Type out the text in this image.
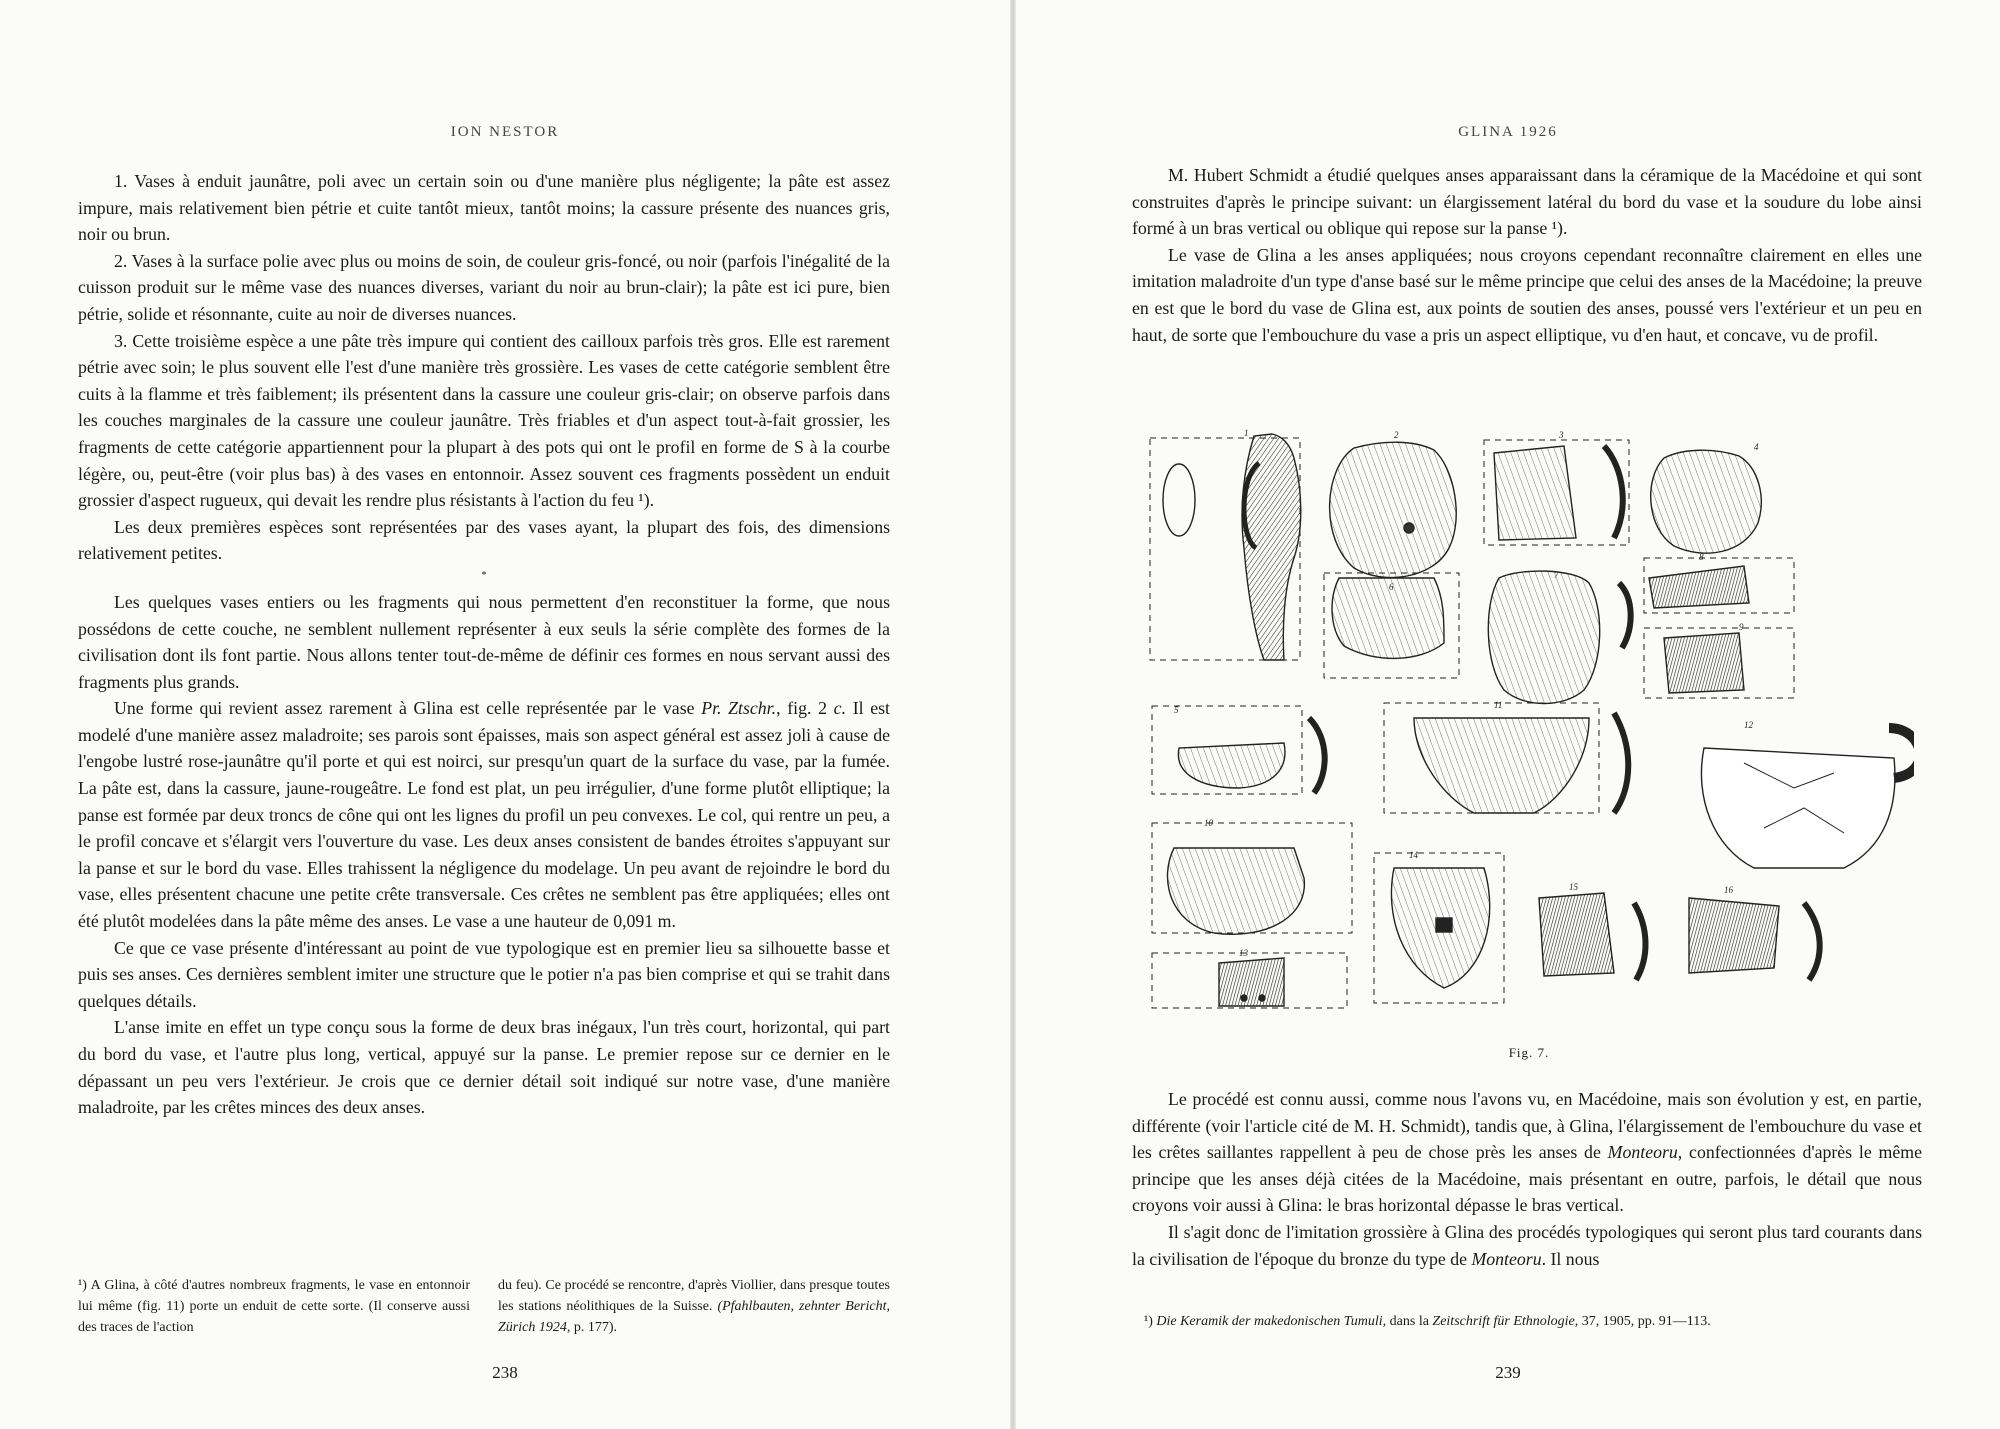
ION NESTOR

1. Vases à enduit jaunâtre, poli avec un certain soin ou d'une manière plus négligente; la pâte est assez impure, mais relativement bien pétrie et cuite tantôt mieux, tantôt moins; la cassure présente des nuances gris, noir ou brun.

2. Vases à la surface polie avec plus ou moins de soin, de couleur gris-foncé, ou noir (parfois l'inégalité de la cuisson produit sur le même vase des nuances diverses, variant du noir au brun-clair); la pâte est ici pure, bien pétrie, solide et résonnante, cuite au noir de diverses nuances.

3. Cette troisième espèce a une pâte très impure qui contient des cailloux parfois très gros. Elle est rarement pétrie avec soin; le plus souvent elle l'est d'une manière très grossière. Les vases de cette catégorie semblent être cuits à la flamme et très faiblement; ils présentent dans la cassure une couleur gris-clair; on observe parfois dans les couches marginales de la cassure une couleur jaunâtre. Très friables et d'un aspect tout-à-fait grossier, les fragments de cette catégorie appartiennent pour la plupart à des pots qui ont le profil en forme de S à la courbe légère, ou, peut-être (voir plus bas) à des vases en entonnoir. Assez souvent ces fragments possèdent un enduit grossier d'aspect rugueux, qui devait les rendre plus résistants à l'action du feu ¹).

Les deux premières espèces sont représentées par des vases ayant, la plupart des fois, des dimensions relativement petites.

*

Les quelques vases entiers ou les fragments qui nous permettent d'en reconstituer la forme, que nous possédons de cette couche, ne semblent nullement représenter à eux seuls la série complète des formes de la civilisation dont ils font partie. Nous allons tenter tout-de-même de définir ces formes en nous servant aussi des fragments plus grands.

Une forme qui revient assez rarement à Glina est celle représentée par le vase Pr. Ztschr., fig. 2 c. Il est modelé d'une manière assez maladroite; ses parois sont épaisses, mais son aspect général est assez joli à cause de l'engobe lustré rose-jaunâtre qu'il porte et qui est noirci, sur presqu'un quart de la surface du vase, par la fumée. La pâte est, dans la cassure, jaune-rougeâtre. Le fond est plat, un peu irrégulier, d'une forme plutôt elliptique; la panse est formée par deux troncs de cône qui ont les lignes du profil un peu convexes. Le col, qui rentre un peu, a le profil concave et s'élargit vers l'ouverture du vase. Les deux anses consistent de bandes étroites s'appuyant sur la panse et sur le bord du vase. Elles trahissent la négligence du modelage. Un peu avant de rejoindre le bord du vase, elles présentent chacune une petite crête transversale. Ces crêtes ne semblent pas être appliquées; elles ont été plutôt modelées dans la pâte même des anses. Le vase a une hauteur de 0,091 m.

Ce que ce vase présente d'intéressant au point de vue typologique est en premier lieu sa silhouette basse et puis ses anses. Ces dernières semblent imiter une structure que le potier n'a pas bien comprise et qui se trahit dans quelques détails.

L'anse imite en effet un type conçu sous la forme de deux bras inégaux, l'un très court, horizontal, qui part du bord du vase, et l'autre plus long, vertical, appuyé sur la panse. Le premier repose sur ce dernier en le dépassant un peu vers l'extérieur. Je crois que ce dernier détail soit indiqué sur notre vase, d'une manière maladroite, par les crêtes minces des deux anses.

¹) A Glina, à côté d'autres nombreux fragments, le vase en entonnoir lui même (fig. 11) porte un enduit de cette sorte. (Il conserve aussi des traces de l'action
du feu). Ce procédé se rencontre, d'après Viollier, dans presque toutes les stations néolithiques de la Suisse. (Pfahlbauten, zehnter Bericht, Zürich 1924, p. 177).
238
GLINA 1926

M. Hubert Schmidt a étudié quelques anses apparaissant dans la céramique de la Macédoine et qui sont construites d'après le principe suivant: un élargissement latéral du bord du vase et la soudure du lobe ainsi formé à un bras vertical ou oblique qui repose sur la panse ¹).

Le vase de Glina a les anses appliquées; nous croyons cependant reconnaître clairement en elles une imitation maladroite d'un type d'anse basé sur le même principe que celui des anses de la Macédoine; la preuve en est que le bord du vase de Glina est, aux points de soutien des anses, poussé vers l'extérieur et un peu en haut, de sorte que l'embouchure du vase a pris un aspect elliptique, vu d'en haut, et concave, vu de profil.

1	2	3
4
5
6
7
8
9
10
11
12
13
14
15	16
Fig. 7.

Le procédé est connu aussi, comme nous l'avons vu, en Macédoine, mais son évolution y est, en partie, différente (voir l'article cité de M. H. Schmidt), tandis que, à Glina, l'élargissement de l'embouchure du vase et les crêtes saillantes rappellent à peu de chose près les anses de Monteoru, confectionnées d'après le même principe que les anses déjà citées de la Macédoine, mais présentant en outre, parfois, le détail que nous croyons voir aussi à Glina: le bras horizontal dépasse le bras vertical.

Il s'agit donc de l'imitation grossière à Glina des procédés typologiques qui seront plus tard courants dans la civilisation de l'époque du bronze du type de Monteoru. Il nous

¹) Die Keramik der makedonischen Tumuli, dans la Zeitschrift für Ethnologie, 37, 1905, pp. 91—113.
239
